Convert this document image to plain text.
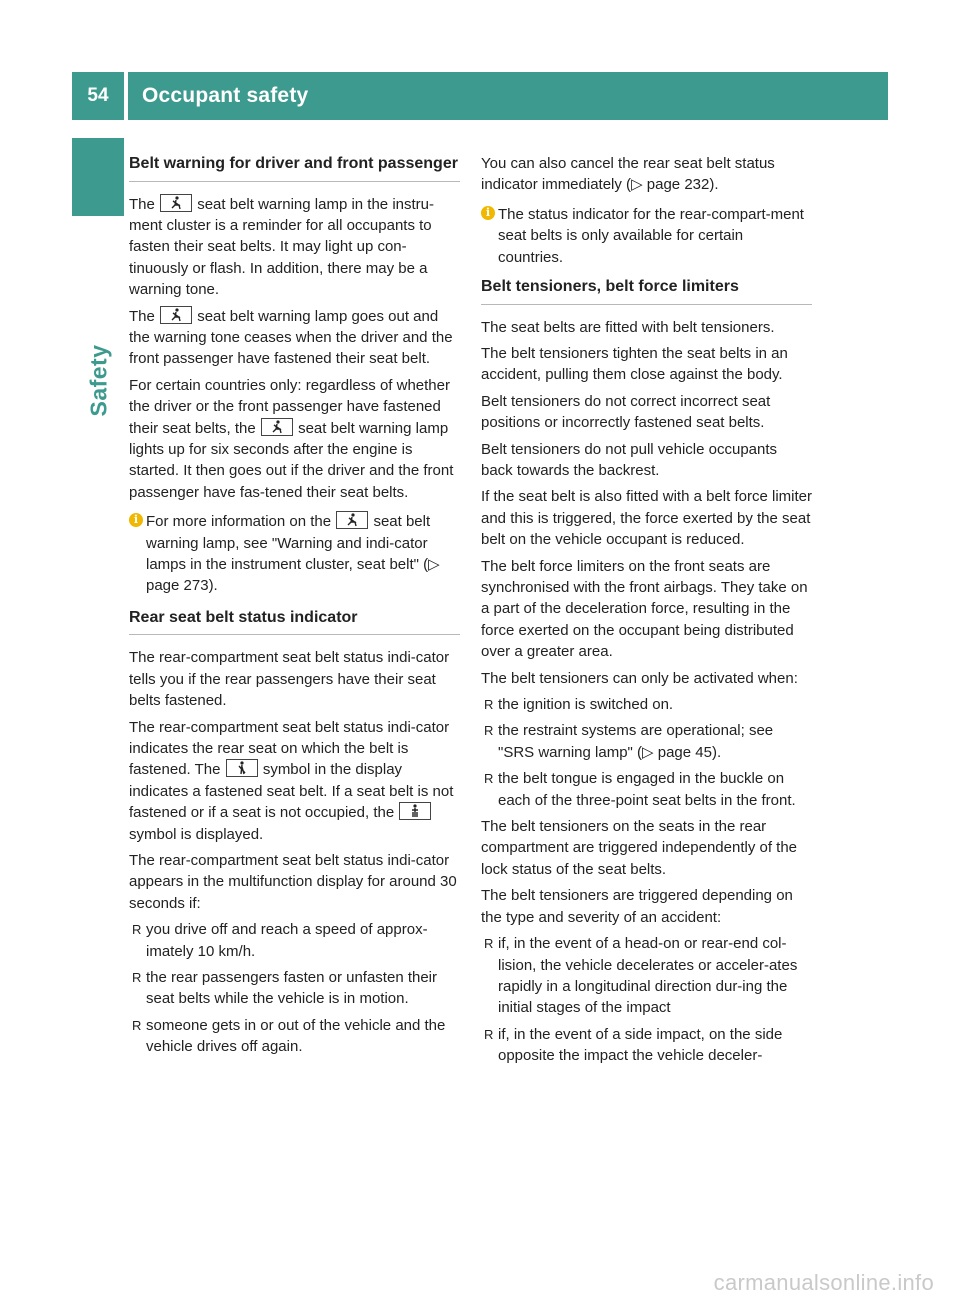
54	Occupant safety
Safety
Belt warning for driver and front passenger

The	seat belt warning lamp in the instru-ment cluster is a reminder for all occupants to fasten their seat belts. It may light up con-tinuously or flash. In addition, there may be a warning tone.

The	seat belt warning lamp goes out and the warning tone ceases when the driver and the front passenger have fastened their seat belt.

For certain countries only: regardless of whether the driver or the front passenger have fastened their seat belts, the	seat belt warning lamp lights up for six seconds after the engine is started. It then goes out if the driver and the front passenger have fas-tened their seat belts.

i For more information on the	seat belt warning lamp, see "Warning and indi-cator lamps in the instrument cluster, seat belt" (▷ page 273).
Rear seat belt status indicator

The rear-compartment seat belt status indi-cator tells you if the rear passengers have their seat belts fastened.

The rear-compartment seat belt status indi-cator indicates the rear seat on which the belt is fastened. The	symbol in the display indicates a fastened seat belt. If a seat belt is not fastened or if a seat is not occupied, the
symbol is displayed.

The rear-compartment seat belt status indi-cator appears in the multifunction display for around 30 seconds if:

R you drive off and reach a speed of approx-imately 10 km/h.
R the rear passengers fasten or unfasten their seat belts while the vehicle is in motion.
R someone gets in or out of the vehicle and the vehicle drives off again.

You can also cancel the rear seat belt status indicator immediately (▷ page 232).

i The status indicator for the rear-compart-ment seat belts is only available for certain countries.
Belt tensioners, belt force limiters

The seat belts are fitted with belt tensioners.

The belt tensioners tighten the seat belts in an accident, pulling them close against the body.

Belt tensioners do not correct incorrect seat positions or incorrectly fastened seat belts.

Belt tensioners do not pull vehicle occupants back towards the backrest.

If the seat belt is also fitted with a belt force limiter and this is triggered, the force exerted by the seat belt on the vehicle occupant is reduced.

The belt force limiters on the front seats are synchronised with the front airbags. They take on a part of the deceleration force, resulting in the force exerted on the occupant being distributed over a greater area.

The belt tensioners can only be activated when:

R the ignition is switched on.
R the restraint systems are operational; see "SRS warning lamp" (▷ page 45).
R the belt tongue is engaged in the buckle on each of the three-point seat belts in the front.

The belt tensioners on the seats in the rear compartment are triggered independently of the lock status of the seat belts.

The belt tensioners are triggered depending on the type and severity of an accident:

R if, in the event of a head-on or rear-end col-lision, the vehicle decelerates or acceler-ates rapidly in a longitudinal direction dur-ing the initial stages of the impact
R if, in the event of a side impact, on the side opposite the impact the vehicle deceler-
carmanualsonline.info
